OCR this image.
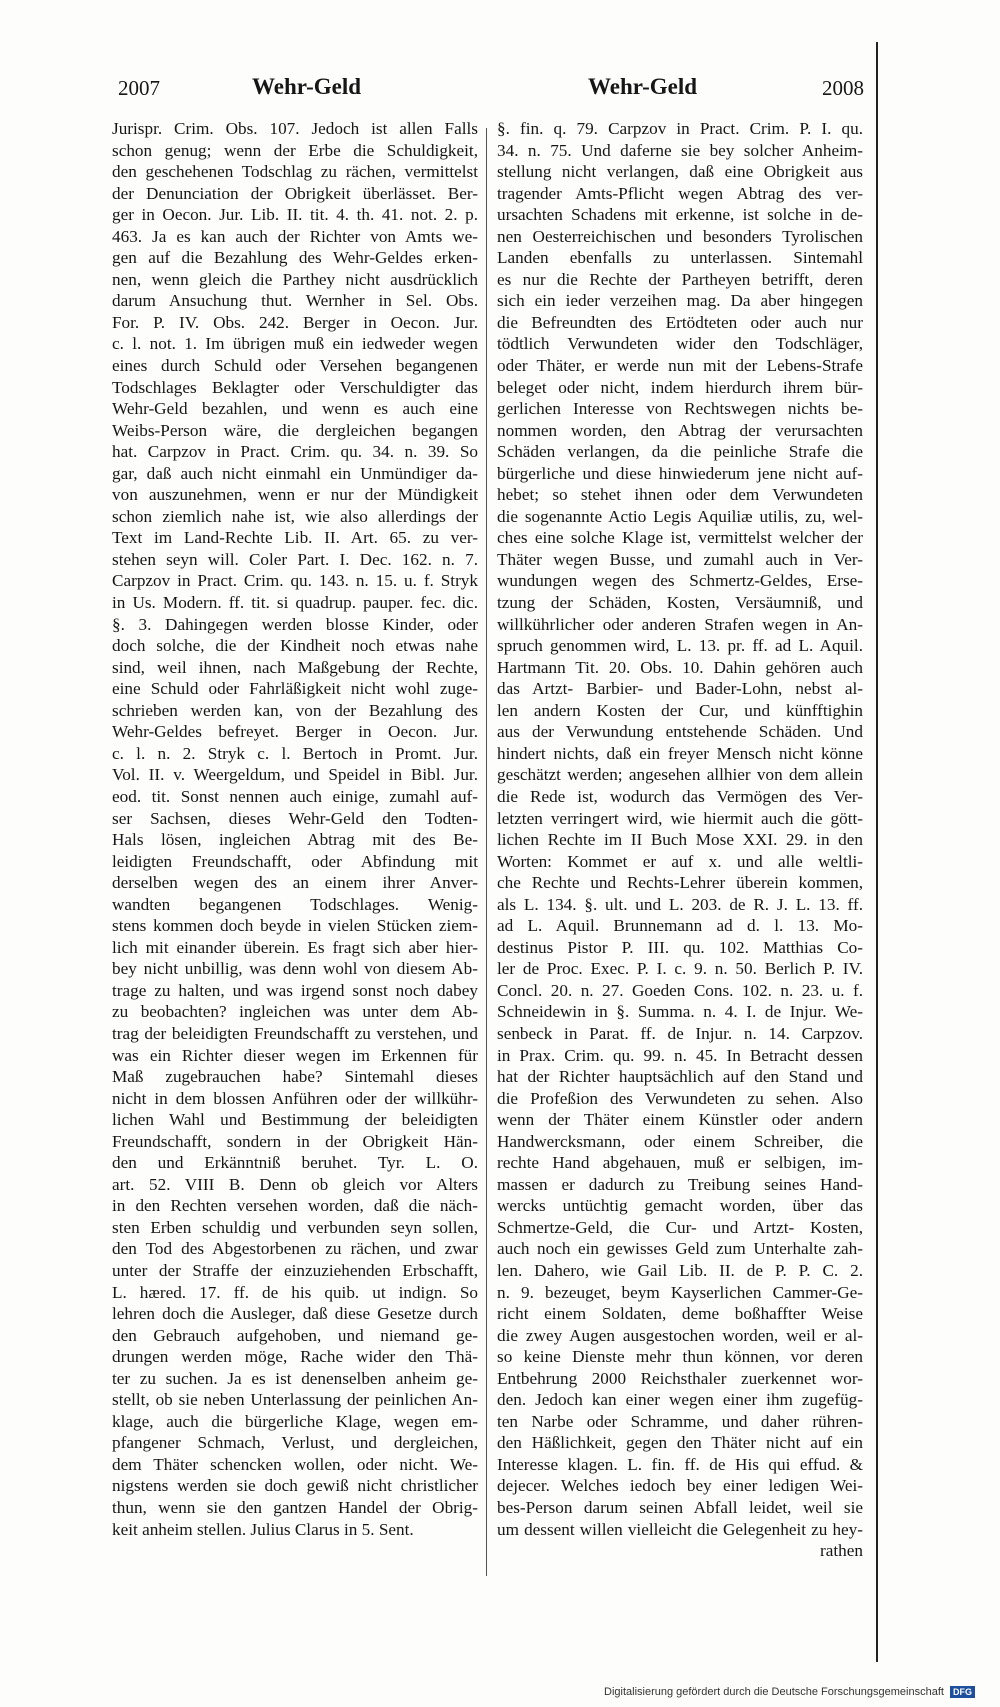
2007	Wehr-Geld	Wehr-Geld	2008
Jurispr. Crim. Obs. 107. Jedoch ist allen Falls
schon genug; wenn der Erbe die Schuldigkeit,
den geschehenen Todschlag zu rächen, vermittelst
der Denunciation der Obrigkeit überlässet. Ber-
ger in Oecon. Jur. Lib. II. tit. 4. th. 41. not. 2. p.
463. Ja es kan auch der Richter von Amts we-
gen auf die Bezahlung des Wehr-Geldes erken-
nen, wenn gleich die Parthey nicht ausdrücklich
darum Ansuchung thut. Wernher in Sel. Obs.
For. P. IV. Obs. 242. Berger in Oecon. Jur.
c. l. not. 1. Im übrigen muß ein iedweder wegen
eines durch Schuld oder Versehen begangenen
Todschlages Beklagter oder Verschuldigter das
Wehr-Geld bezahlen, und wenn es auch eine
Weibs-Person wäre, die dergleichen begangen
hat. Carpzov in Pract. Crim. qu. 34. n. 39. So
gar, daß auch nicht einmahl ein Unmündiger da-
von auszunehmen, wenn er nur der Mündigkeit
schon ziemlich nahe ist, wie also allerdings der
Text im Land-Rechte Lib. II. Art. 65. zu ver-
stehen seyn will. Coler Part. I. Dec. 162. n. 7.
Carpzov in Pract. Crim. qu. 143. n. 15. u. f. Stryk
in Us. Modern. ff. tit. si quadrup. pauper. fec. dic.
§. 3. Dahingegen werden blosse Kinder, oder
doch solche, die der Kindheit noch etwas nahe
sind, weil ihnen, nach Maßgebung der Rechte,
eine Schuld oder Fahrläßigkeit nicht wohl zuge-
schrieben werden kan, von der Bezahlung des
Wehr-Geldes befreyet. Berger in Oecon. Jur.
c. l. n. 2. Stryk c. l. Bertoch in Promt. Jur.
Vol. II. v. Weergeldum, und Speidel in Bibl. Jur.
eod. tit. Sonst nennen auch einige, zumahl auf-
ser Sachsen, dieses Wehr-Geld den Todten-
Hals lösen, ingleichen Abtrag mit des Be-
leidigten Freundschafft, oder Abfindung mit
derselben wegen des an einem ihrer Anver-
wandten begangenen Todschlages. Wenig-
stens kommen doch beyde in vielen Stücken ziem-
lich mit einander überein. Es fragt sich aber hier-
bey nicht unbillig, was denn wohl von diesem Ab-
trage zu halten, und was irgend sonst noch dabey
zu beobachten? ingleichen was unter dem Ab-
trag der beleidigten Freundschafft zu verstehen, und
was ein Richter dieser wegen im Erkennen für
Maß zugebrauchen habe? Sintemahl dieses
nicht in dem blossen Anführen oder der willkühr-
lichen Wahl und Bestimmung der beleidigten
Freundschafft, sondern in der Obrigkeit Hän-
den und Erkänntniß beruhet. Tyr. L. O.
art. 52. VIII B. Denn ob gleich vor Alters
in den Rechten versehen worden, daß die näch-
sten Erben schuldig und verbunden seyn sollen,
den Tod des Abgestorbenen zu rächen, und zwar
unter der Straffe der einzuziehenden Erbschafft,
L. hæred. 17. ff. de his quib. ut indign. So
lehren doch die Ausleger, daß diese Gesetze durch
den Gebrauch aufgehoben, und niemand ge-
drungen werden möge, Rache wider den Thä-
ter zu suchen. Ja es ist denenselben anheim ge-
stellt, ob sie neben Unterlassung der peinlichen An-
klage, auch die bürgerliche Klage, wegen em-
pfangener Schmach, Verlust, und dergleichen,
dem Thäter schencken wollen, oder nicht. We-
nigstens werden sie doch gewiß nicht christlicher
thun, wenn sie den gantzen Handel der Obrig-
keit anheim stellen. Julius Clarus in 5. Sent.
§. fin. q. 79. Carpzov in Pract. Crim. P. I. qu.
34. n. 75. Und daferne sie bey solcher Anheim-
stellung nicht verlangen, daß eine Obrigkeit aus
tragender Amts-Pflicht wegen Abtrag des ver-
ursachten Schadens mit erkenne, ist solche in de-
nen Oesterreichischen und besonders Tyrolischen
Landen ebenfalls zu unterlassen. Sintemahl
es nur die Rechte der Partheyen betrifft, deren
sich ein ieder verzeihen mag. Da aber hingegen
die Befreundten des Ertödteten oder auch nur
tödtlich Verwundeten wider den Todschläger,
oder Thäter, er werde nun mit der Lebens-Strafe
beleget oder nicht, indem hierdurch ihrem bür-
gerlichen Interesse von Rechtswegen nichts be-
nommen worden, den Abtrag der verursachten
Schäden verlangen, da die peinliche Strafe die
bürgerliche und diese hinwiederum jene nicht auf-
hebet; so stehet ihnen oder dem Verwundeten
die sogenannte Actio Legis Aquiliæ utilis, zu, wel-
ches eine solche Klage ist, vermittelst welcher der
Thäter wegen Busse, und zumahl auch in Ver-
wundungen wegen des Schmertz-Geldes, Erse-
tzung der Schäden, Kosten, Versäumniß, und
willkührlicher oder anderen Strafen wegen in An-
spruch genommen wird, L. 13. pr. ff. ad L. Aquil.
Hartmann Tit. 20. Obs. 10. Dahin gehören auch
das Artzt- Barbier- und Bader-Lohn, nebst al-
len andern Kosten der Cur, und künfftighin
aus der Verwundung entstehende Schäden. Und
hindert nichts, daß ein freyer Mensch nicht könne
geschätzt werden; angesehen allhier von dem allein
die Rede ist, wodurch das Vermögen des Ver-
letzten verringert wird, wie hiermit auch die gött-
lichen Rechte im II Buch Mose XXI. 29. in den
Worten: Kommet er auf x. und alle weltli-
che Rechte und Rechts-Lehrer überein kommen,
als L. 134. §. ult. und L. 203. de R. J. L. 13. ff.
ad L. Aquil. Brunnemann ad d. l. 13. Mo-
destinus Pistor P. III. qu. 102. Matthias Co-
ler de Proc. Exec. P. I. c. 9. n. 50. Berlich P. IV.
Concl. 20. n. 27. Goeden Cons. 102. n. 23. u. f.
Schneidewin in §. Summa. n. 4. I. de Injur. We-
senbeck in Parat. ff. de Injur. n. 14. Carpzov.
in Prax. Crim. qu. 99. n. 45. In Betracht dessen
hat der Richter hauptsächlich auf den Stand und
die Profeßion des Verwundeten zu sehen. Also
wenn der Thäter einem Künstler oder andern
Handwercksmann, oder einem Schreiber, die
rechte Hand abgehauen, muß er selbigen, im-
massen er dadurch zu Treibung seines Hand-
wercks untüchtig gemacht worden, über das
Schmertze-Geld, die Cur- und Artzt- Kosten,
auch noch ein gewisses Geld zum Unterhalte zah-
len. Dahero, wie Gail Lib. II. de P. P. C. 2.
n. 9. bezeuget, beym Kayserlichen Cammer-Ge-
richt einem Soldaten, deme boßhaffter Weise
die zwey Augen ausgestochen worden, weil er al-
so keine Dienste mehr thun können, vor deren
Entbehrung 2000 Reichsthaler zuerkennet wor-
den. Jedoch kan einer wegen einer ihm zugefüg-
ten Narbe oder Schramme, und daher rühren-
den Häßlichkeit, gegen den Thäter nicht auf ein
Interesse klagen. L. fin. ff. de His qui effud. &
dejecer. Welches iedoch bey einer ledigen Wei-
bes-Person darum seinen Abfall leidet, weil sie
um dessent willen vielleicht die Gelegenheit zu hey-
rathen
Digitalisierung gefördert durch die Deutsche Forschungsgemeinschaft DFG
